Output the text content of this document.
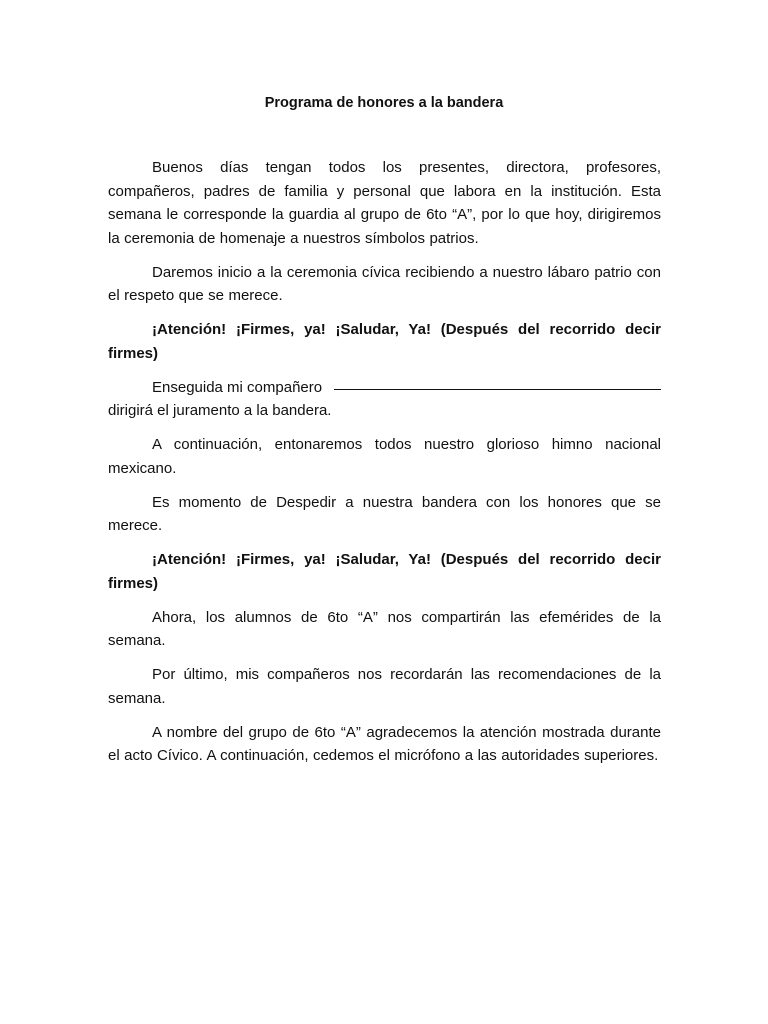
Programa de honores a la bandera

Buenos días tengan todos los presentes, directora, profesores, compañeros, padres de familia y personal que labora en la institución. Esta semana le corresponde la guardia al grupo de 6to “A”, por lo que hoy, dirigiremos la ceremonia de homenaje a nuestros símbolos patrios.

Daremos inicio a la ceremonia cívica recibiendo a nuestro lábaro patrio con el respeto que se merece.

¡Atención! ¡Firmes, ya! ¡Saludar, Ya! (Después del recorrido decir firmes)

Enseguida mi compañero

dirigirá el juramento a la bandera.

A continuación, entonaremos todos nuestro glorioso himno nacional mexicano.

Es momento de Despedir a nuestra bandera con los honores que se merece.

¡Atención! ¡Firmes, ya! ¡Saludar, Ya! (Después del recorrido decir firmes)

Ahora, los alumnos de 6to “A” nos compartirán las efemérides de la semana.

Por último, mis compañeros nos recordarán las recomendaciones de la semana.

A nombre del grupo de 6to “A” agradecemos la atención mostrada durante el acto Cívico. A continuación, cedemos el micrófono a las autoridades superiores.
